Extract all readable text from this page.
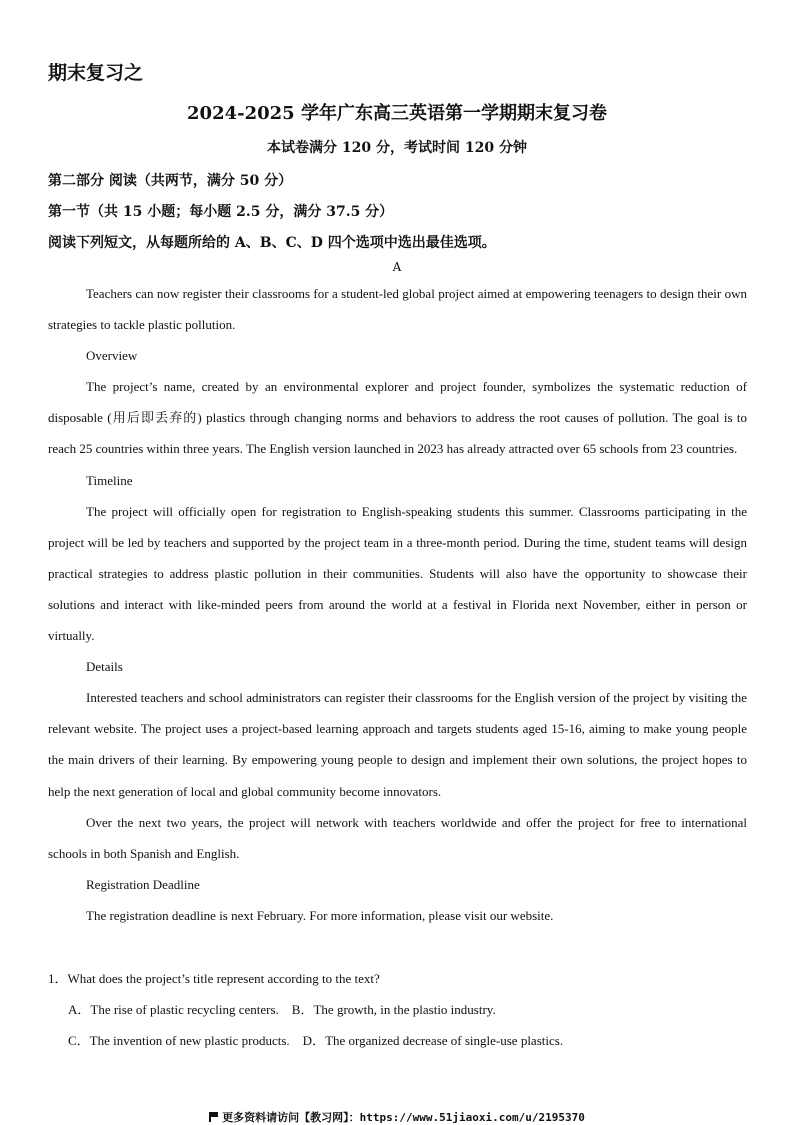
期末复习之
2024-2025 学年广东高三英语第一学期期末复习卷
本试卷满分 120 分，考试时间 120 分钟
第二部分 阅读（共两节，满分 50 分）
第一节（共 15 小题；每小题 2.5 分，满分 37.5 分）
阅读下列短文，从每题所给的 A、B、C、D 四个选项中选出最佳选项。
A

Teachers can now register their classrooms for a student-led global project aimed at empowering teenagers to design their own strategies to tackle plastic pollution.

Overview

The project’s name, created by an environmental explorer and project founder, symbolizes the systematic reduction of disposable (用后即丢弃的) plastics through changing norms and behaviors to address the root causes of pollution. The goal is to reach 25 countries within three years. The English version launched in 2023 has already attracted over 65 schools from 23 countries.

Timeline

The project will officially open for registration to English-speaking students this summer. Classrooms participating in the project will be led by teachers and supported by the project team in a three-month period. During the time, student teams will design practical strategies to address plastic pollution in their communities. Students will also have the opportunity to showcase their solutions and interact with like-minded peers from around the world at a festival in Florida next November, either in person or virtually.

Details

Interested teachers and school administrators can register their classrooms for the English version of the project by visiting the relevant website. The project uses a project-based learning approach and targets students aged 15-16, aiming to make young people the main drivers of their learning. By empowering young people to design and implement their own solutions, the project hopes to help the next generation of local and global community become innovators.

Over the next two years, the project will network with teachers worldwide and offer the project for free to international schools in both Spanish and English.

Registration Deadline

The registration deadline is next February. For more information, please visit our website.

1．What does the project’s title represent according to the text?

A．The rise of plastic recycling centers.    B．The growth, in the plastio industry.

C．The invention of new plastic products.    D．The organized decrease of single-use plastics.

更多资料请访问【教习网】：https://www.51jiaoxi.com/u/2195370
